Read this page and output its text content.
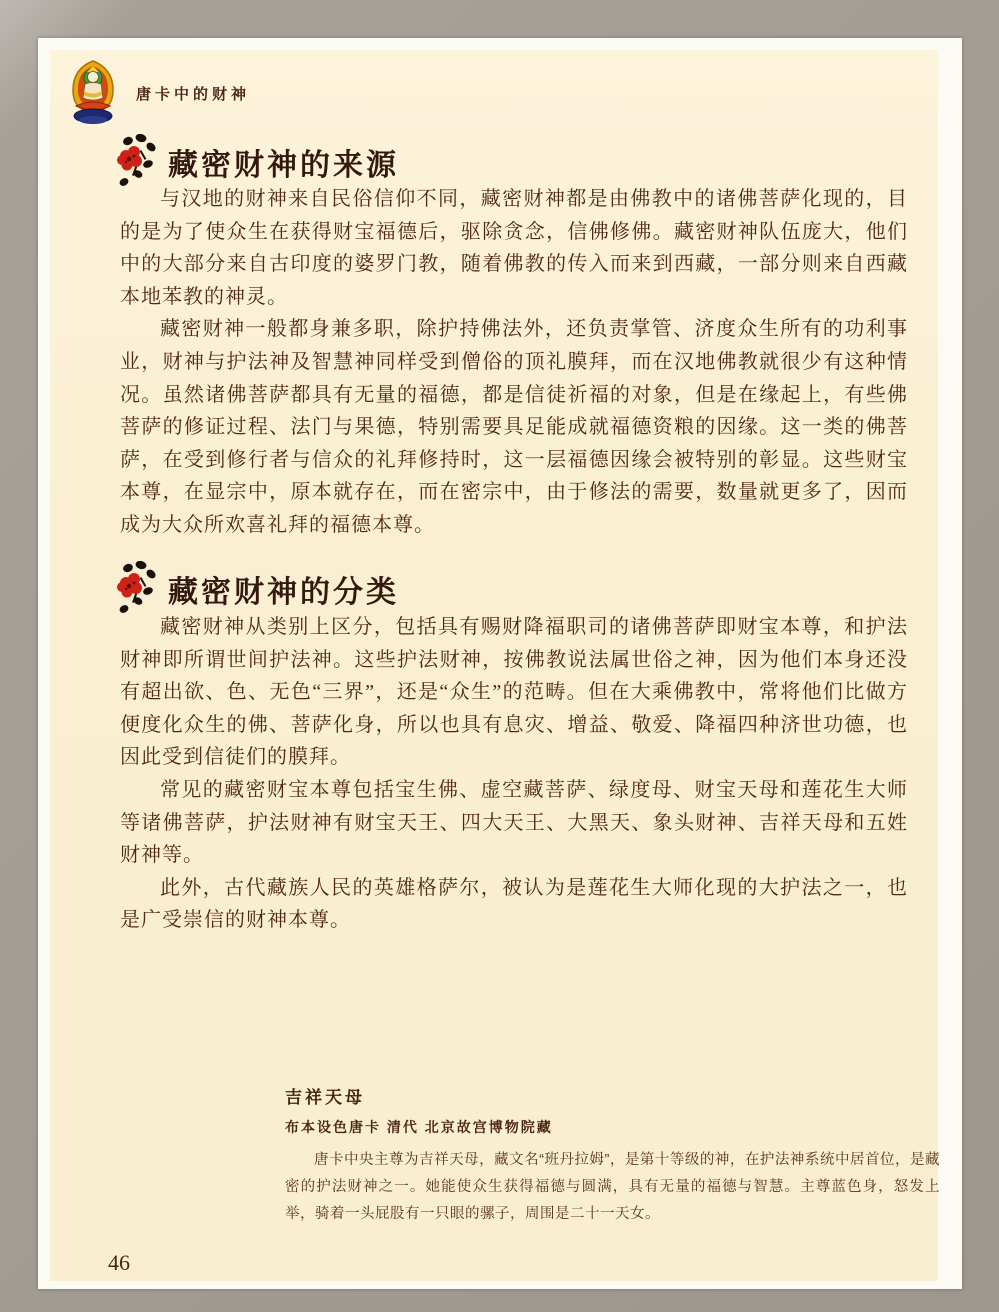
唐卡中的财神
藏密财神的来源

与汉地的财神来自民俗信仰不同，藏密财神都是由佛教中的诸佛菩萨化现的，目的是为了使众生在获得财宝福德后，驱除贪念，信佛修佛。藏密财神队伍庞大，他们中的大部分来自古印度的婆罗门教，随着佛教的传入而来到西藏，一部分则来自西藏本地苯教的神灵。

藏密财神一般都身兼多职，除护持佛法外，还负责掌管、济度众生所有的功利事业，财神与护法神及智慧神同样受到僧俗的顶礼膜拜，而在汉地佛教就很少有这种情况。虽然诸佛菩萨都具有无量的福德，都是信徒祈福的对象，但是在缘起上，有些佛菩萨的修证过程、法门与果德，特别需要具足能成就福德资粮的因缘。这一类的佛菩萨，在受到修行者与信众的礼拜修持时，这一层福德因缘会被特别的彰显。这些财宝本尊，在显宗中，原本就存在，而在密宗中，由于修法的需要，数量就更多了，因而成为大众所欢喜礼拜的福德本尊。

藏密财神的分类

藏密财神从类别上区分，包括具有赐财降福职司的诸佛菩萨即财宝本尊，和护法财神即所谓世间护法神。这些护法财神，按佛教说法属世俗之神，因为他们本身还没有超出欲、色、无色“三界”，还是“众生”的范畴。但在大乘佛教中，常将他们比做方便度化众生的佛、菩萨化身，所以也具有息灾、增益、敬爱、降福四种济世功德，也因此受到信徒们的膜拜。

常见的藏密财宝本尊包括宝生佛、虚空藏菩萨、绿度母、财宝天母和莲花生大师等诸佛菩萨，护法财神有财宝天王、四大天王、大黑天、象头财神、吉祥天母和五姓财神等。

此外，古代藏族人民的英雄格萨尔，被认为是莲花生大师化现的大护法之一，也是广受崇信的财神本尊。

吉祥天母
布本设色唐卡 清代 北京故宫博物院藏
唐卡中央主尊为吉祥天母，藏文名“班丹拉姆”，是第十等级的神，在护法神系统中居首位，是藏密的护法财神之一。她能使众生获得福德与圆满，具有无量的福德与智慧。主尊蓝色身，怒发上举，骑着一头屁股有一只眼的骡子，周围是二十一天女。
46
